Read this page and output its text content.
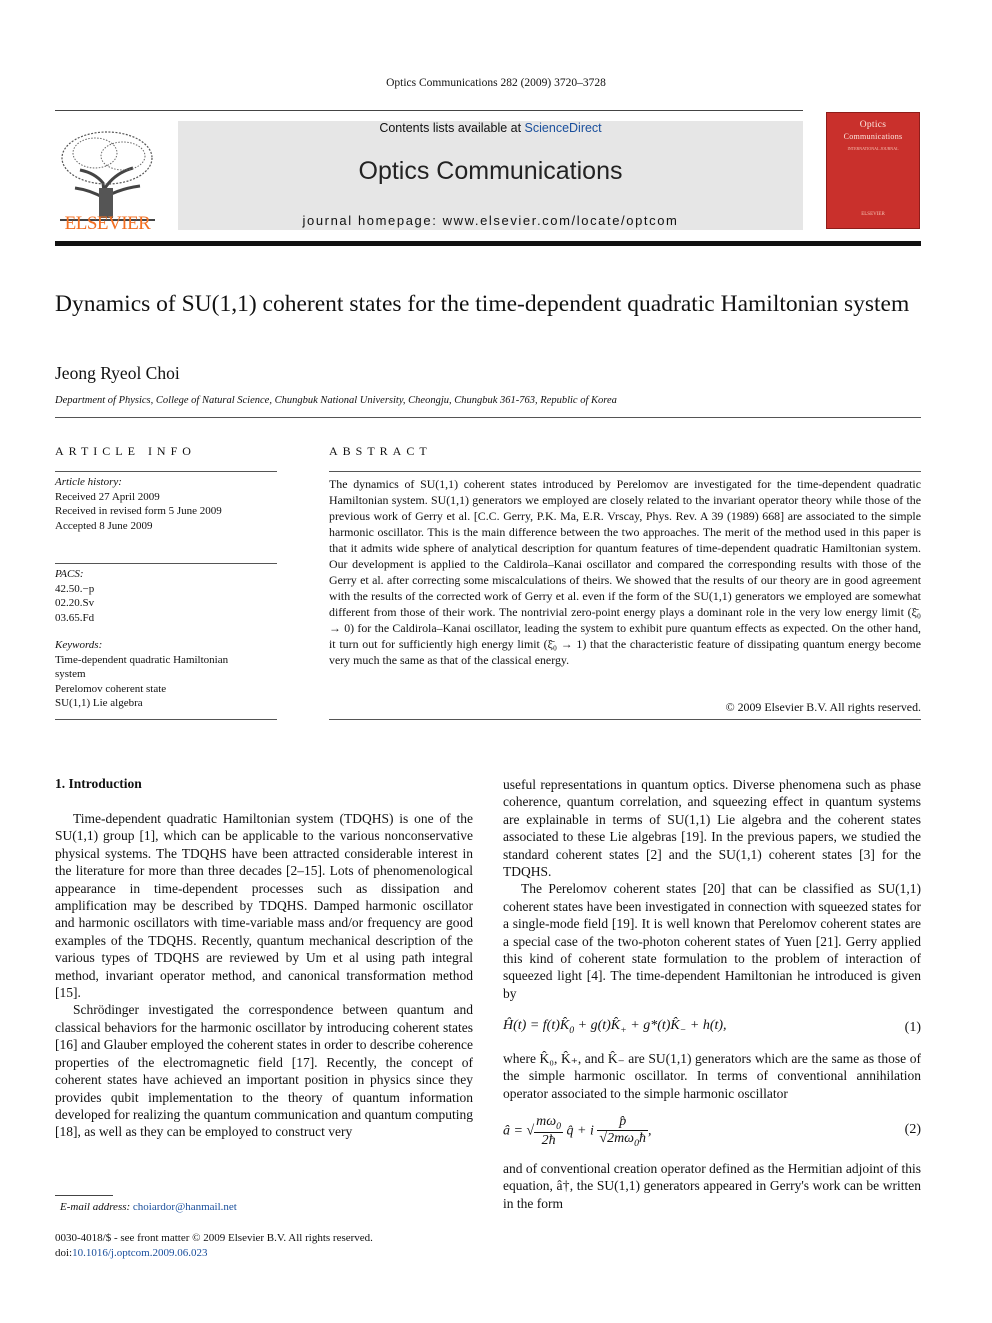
Optics Communications 282 (2009) 3720–3728
ELSEVIER
Contents lists available at ScienceDirect
Optics Communications
journal homepage: www.elsevier.com/locate/optcom
Optics
Communications
INTERNATIONAL JOURNAL
ELSEVIER
Dynamics of SU(1,1) coherent states for the time-dependent quadratic Hamiltonian system
Jeong Ryeol Choi
Department of Physics, College of Natural Science, Chungbuk National University, Cheongju, Chungbuk 361-763, Republic of Korea
ARTICLE INFO	ABSTRACT
Article history:
Received 27 April 2009
Received in revised form 5 June 2009
Accepted 8 June 2009
PACS:
42.50.−p
02.20.Sv
03.65.Fd
Keywords:
Time-dependent quadratic Hamiltonian
system
Perelomov coherent state
SU(1,1) Lie algebra
The dynamics of SU(1,1) coherent states introduced by Perelomov are investigated for the time-dependent quadratic Hamiltonian system. SU(1,1) generators we employed are closely related to the invariant operator theory while those of the previous work of Gerry et al. [C.C. Gerry, P.K. Ma, E.R. Vrscay, Phys. Rev. A 39 (1989) 668] are associated to the simple harmonic oscillator. This is the main difference between the two approaches. The merit of the method used in this paper is that it admits wide sphere of analytical description for quantum features of time-dependent quadratic Hamiltonian system. Our development is applied to the Caldirola–Kanai oscillator and compared the corresponding results with those of the Gerry et al. after correcting some miscalculations of theirs. We showed that the results of our theory are in good agreement with the results of the corrected work of Gerry et al. even if the form of the SU(1,1) generators we employed are somewhat different from those of their work. The nontrivial zero-point energy plays a dominant role in the very low energy limit (ξ̄₀ → 0) for the Caldirola–Kanai oscillator, leading the system to exhibit pure quantum effects as expected. On the other hand, it turn out for sufficiently high energy limit (ξ̄₀ → 1) that the characteristic feature of dissipating quantum energy become very much the same as that of the classical energy.
© 2009 Elsevier B.V. All rights reserved.
1. Introduction

Time-dependent quadratic Hamiltonian system (TDQHS) is one of the SU(1,1) group [1], which can be applicable to the various nonconservative physical systems. The TDQHS have been attracted considerable interest in the literature for more than three decades [2–15]. Lots of phenomenological appearance in time-dependent processes such as dissipation and amplification may be described by TDQHS. Damped harmonic oscillator and harmonic oscillators with time-variable mass and/or frequency are good examples of the TDQHS. Recently, quantum mechanical description of the various types of TDQHS are reviewed by Um et al using path integral method, invariant operator method, and canonical transformation method [15].

Schrödinger investigated the correspondence between quantum and classical behaviors for the harmonic oscillator by introducing coherent states [16] and Glauber employed the coherent states in order to describe coherence properties of the electromagnetic field [17]. Recently, the concept of coherent states have achieved an important position in physics since they provides qubit implementation to the theory of quantum information developed for realizing the quantum communication and quantum computing [18], as well as they can be employed to construct very

useful representations in quantum optics. Diverse phenomena such as phase coherence, quantum correlation, and squeezing effect in quantum systems are explainable in terms of SU(1,1) Lie algebra and the coherent states associated to these Lie algebras [19]. In the previous papers, we studied the standard coherent states [2] and the SU(1,1) coherent states [3] for the TDQHS.

The Perelomov coherent states [20] that can be classified as SU(1,1) coherent states have been investigated in connection with squeezed states for a single-mode field [19]. It is well known that Perelomov coherent states are a special case of the two-photon coherent states of Yuen [21]. Gerry applied this kind of coherent state formulation to the problem of interaction of squeezed light [4]. The time-dependent Hamiltonian he introduced is given by

Ĥ(t) = $f(t)K̂_0$ + $g(t)K̂_+$ + $g*(t)K̂_- + h(t)$,	(1)

where K̂₀, K̂₊, and K̂₋ are SU(1,1) generators which are the same as those of the simple harmonic oscillator. In terms of conventional annihilation operator associated to the simple harmonic oscillator

â = √ $\frac{m\omega_0}{2ħ}$ q̂ + i $\frac{p̂}{√2m\omega_0ħ}$ ,	(2)

and of conventional creation operator defined as the Hermitian adjoint of this equation, â†, the SU(1,1) generators appeared in Gerry's work can be written in the form

E-mail address: choiardor@hanmail.net
0030-4018/$ - see front matter © 2009 Elsevier B.V. All rights reserved.
doi:10.1016/j.optcom.2009.06.023
